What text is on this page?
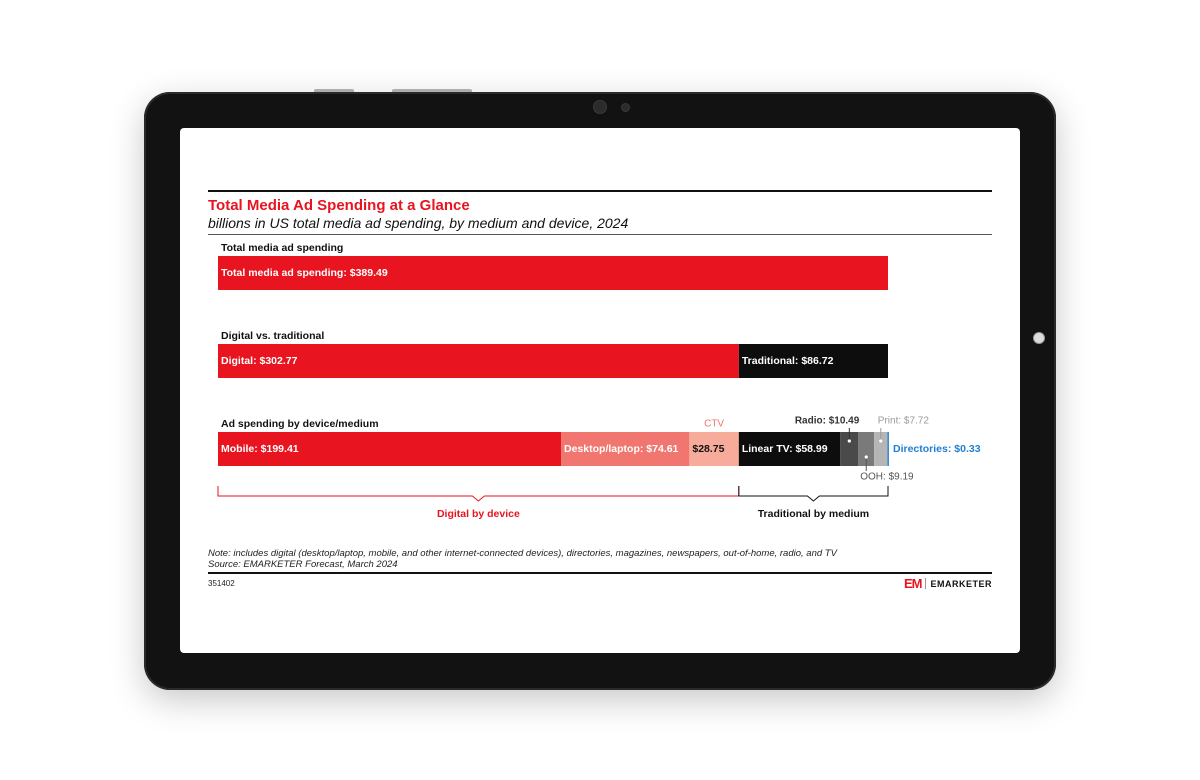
Total Media Ad Spending at a Glance
billions in US total media ad spending, by medium and device, 2024
Total media ad spending
Total media ad spending: $389.49
Digital vs. traditional
Digital: $302.77	Traditional: $86.72
Ad spending by device/medium
Mobile: $199.41	Desktop/laptop: $74.61 $28.75
CTV
Linear TV: $58.99
Radio: $10.49
OOH: $9.19
Print: $7.72
Directories: $0.33
Digital by device	Traditional by medium
Note: includes digital (desktop/laptop, mobile, and other internet-connected devices), directories, magazines, newspapers, out-of-home, radio, and TV
Source: EMARKETER Forecast, March 2024
351402	EM EMARKETER
